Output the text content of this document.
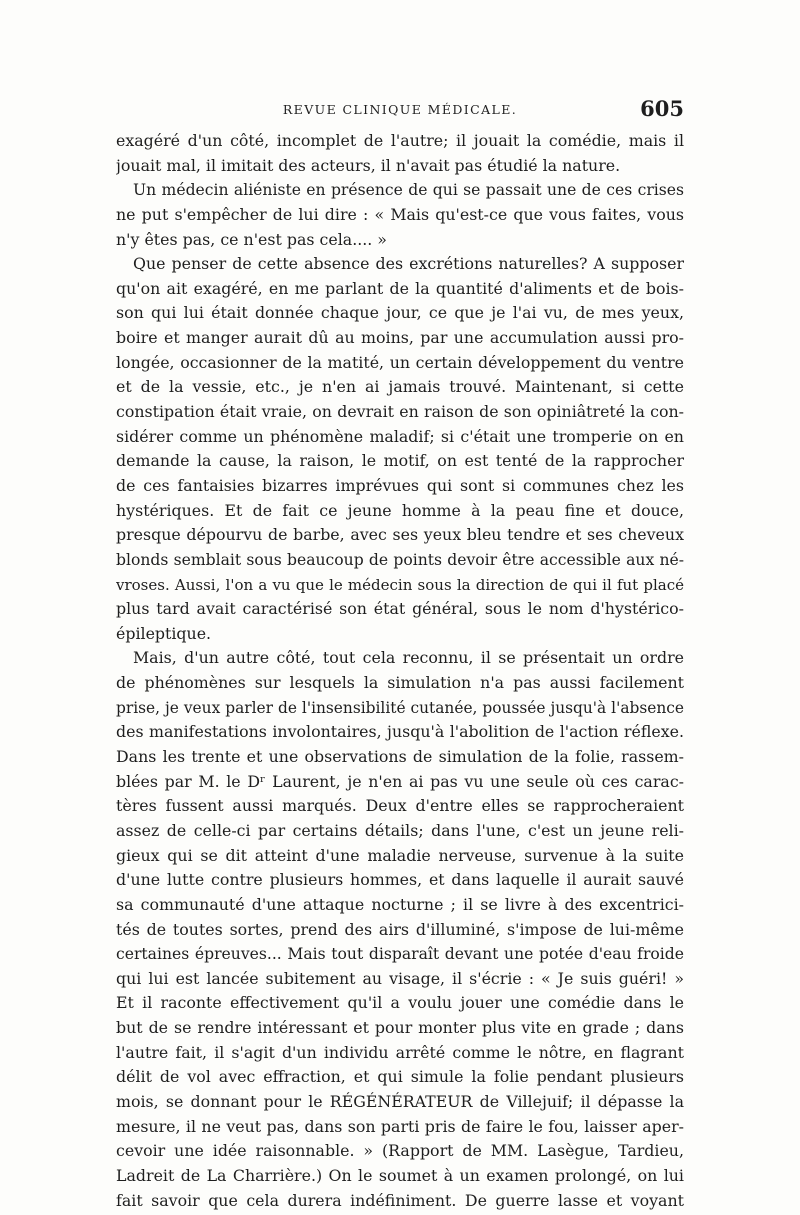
REVUE CLINIQUE MÉDICALE.	605
exagéré d'un côté, incomplet de l'autre; il jouait la comédie, mais il
jouait mal, il imitait des acteurs, il n'avait pas étudié la nature.
Un médecin aliéniste en présence de qui se passait une de ces crises
ne put s'empêcher de lui dire : « Mais qu'est-ce que vous faites, vous
n'y êtes pas, ce n'est pas cela.... »
Que penser de cette absence des excrétions naturelles? A supposer
qu'on ait exagéré, en me parlant de la quantité d'aliments et de bois-
son qui lui était donnée chaque jour, ce que je l'ai vu, de mes yeux,
boire et manger aurait dû au moins, par une accumulation aussi pro-
longée, occasionner de la matité, un certain développement du ventre
et de la vessie, etc., je n'en ai jamais trouvé. Maintenant, si cette
constipation était vraie, on devrait en raison de son opiniâtreté la con-
sidérer comme un phénomène maladif; si c'était une tromperie on en
demande la cause, la raison, le motif, on est tenté de la rapprocher
de ces fantaisies bizarres imprévues qui sont si communes chez les
hystériques. Et de fait ce jeune homme à la peau fine et douce,
presque dépourvu de barbe, avec ses yeux bleu tendre et ses cheveux
blonds semblait sous beaucoup de points devoir être accessible aux né-
vroses. Aussi, l'on a vu que le médecin sous la direction de qui il fut placé
plus tard avait caractérisé son état général, sous le nom d'hystérico-
épileptique.
Mais, d'un autre côté, tout cela reconnu, il se présentait un ordre
de phénomènes sur lesquels la simulation n'a pas aussi facilement
prise, je veux parler de l'insensibilité cutanée, poussée jusqu'à l'absence
des manifestations involontaires, jusqu'à l'abolition de l'action réflexe.
Dans les trente et une observations de simulation de la folie, rassem-
blées par M. le Dʳ Laurent, je n'en ai pas vu une seule où ces carac-
tères fussent aussi marqués. Deux d'entre elles se rapprocheraient
assez de celle-ci par certains détails; dans l'une, c'est un jeune reli-
gieux qui se dit atteint d'une maladie nerveuse, survenue à la suite
d'une lutte contre plusieurs hommes, et dans laquelle il aurait sauvé
sa communauté d'une attaque nocturne ; il se livre à des excentrici-
tés de toutes sortes, prend des airs d'illuminé, s'impose de lui-même
certaines épreuves... Mais tout disparaît devant une potée d'eau froide
qui lui est lancée subitement au visage, il s'écrie : « Je suis guéri! »
Et il raconte effectivement qu'il a voulu jouer une comédie dans le
but de se rendre intéressant et pour monter plus vite en grade ; dans
l'autre fait, il s'agit d'un individu arrêté comme le nôtre, en flagrant
délit de vol avec effraction, et qui simule la folie pendant plusieurs
mois, se donnant pour le RÉGÉNÉRATEUR de Villejuif; il dépasse la
mesure, il ne veut pas, dans son parti pris de faire le fou, laisser aper-
cevoir une idée raisonnable. » (Rapport de MM. Lasègue, Tardieu,
Ladreit de La Charrière.) On le soumet à un examen prolongé, on lui
fait savoir que cela durera indéfiniment. De guerre lasse et voyant
